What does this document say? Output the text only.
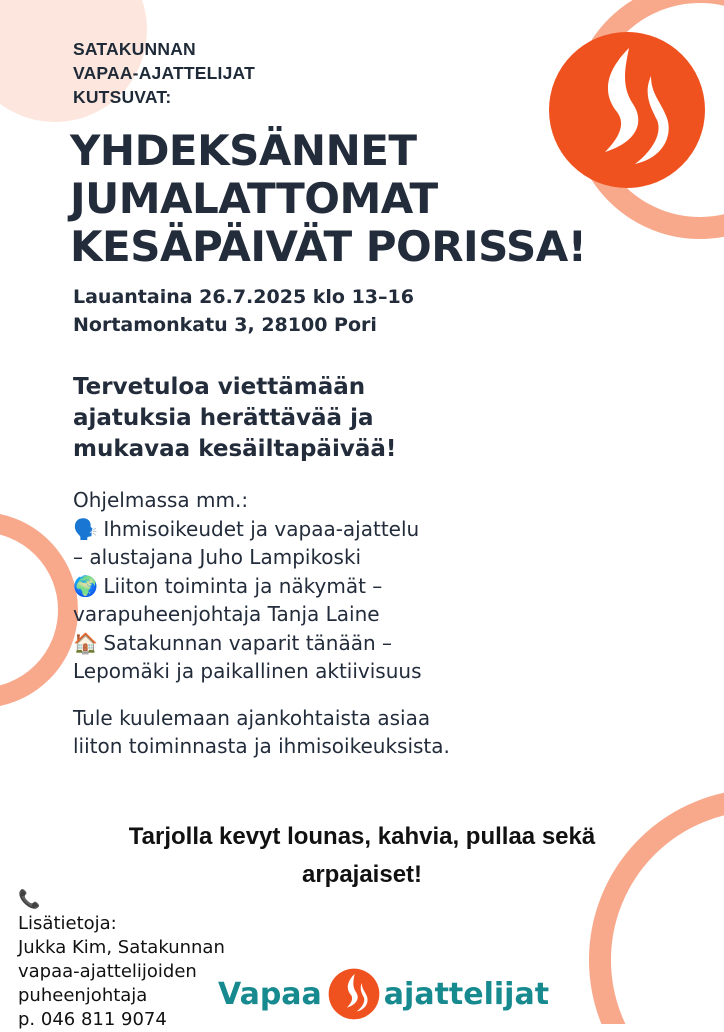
SATAKUNNAN
VAPAA-AJATTELIJAT
KUTSUVAT:
YHDEKSÄNNET
JUMALATTOMAT
KESÄPÄIVÄT PORISSA!
Lauantaina 26.7.2025 klo 13–16
Nortamonkatu 3, 28100 Pori
Tervetuloa viettämään
ajatuksia herättävää ja
mukavaa kesäiltapäivää!
Ohjelmassa mm.:
🗣️ Ihmisoikeudet ja vapaa-ajattelu
– alustajana Juho Lampikoski
🌍 Liiton toiminta ja näkymät –
varapuheenjohtaja Tanja Laine
🏠 Satakunnan vaparit tänään –
Lepomäki ja paikallinen aktiivisuus

Tule kuulemaan ajankohtaista asiaa
liiton toiminnasta ja ihmisoikeuksista.

Tarjolla kevyt lounas, kahvia, pullaa sekä
arpajaiset!

📞
Lisätietoja:
Jukka Kim, Satakunnan
vapaa-ajattelijoiden
puheenjohtaja
p. 046 811 9074
Vapaa ajattelijat
